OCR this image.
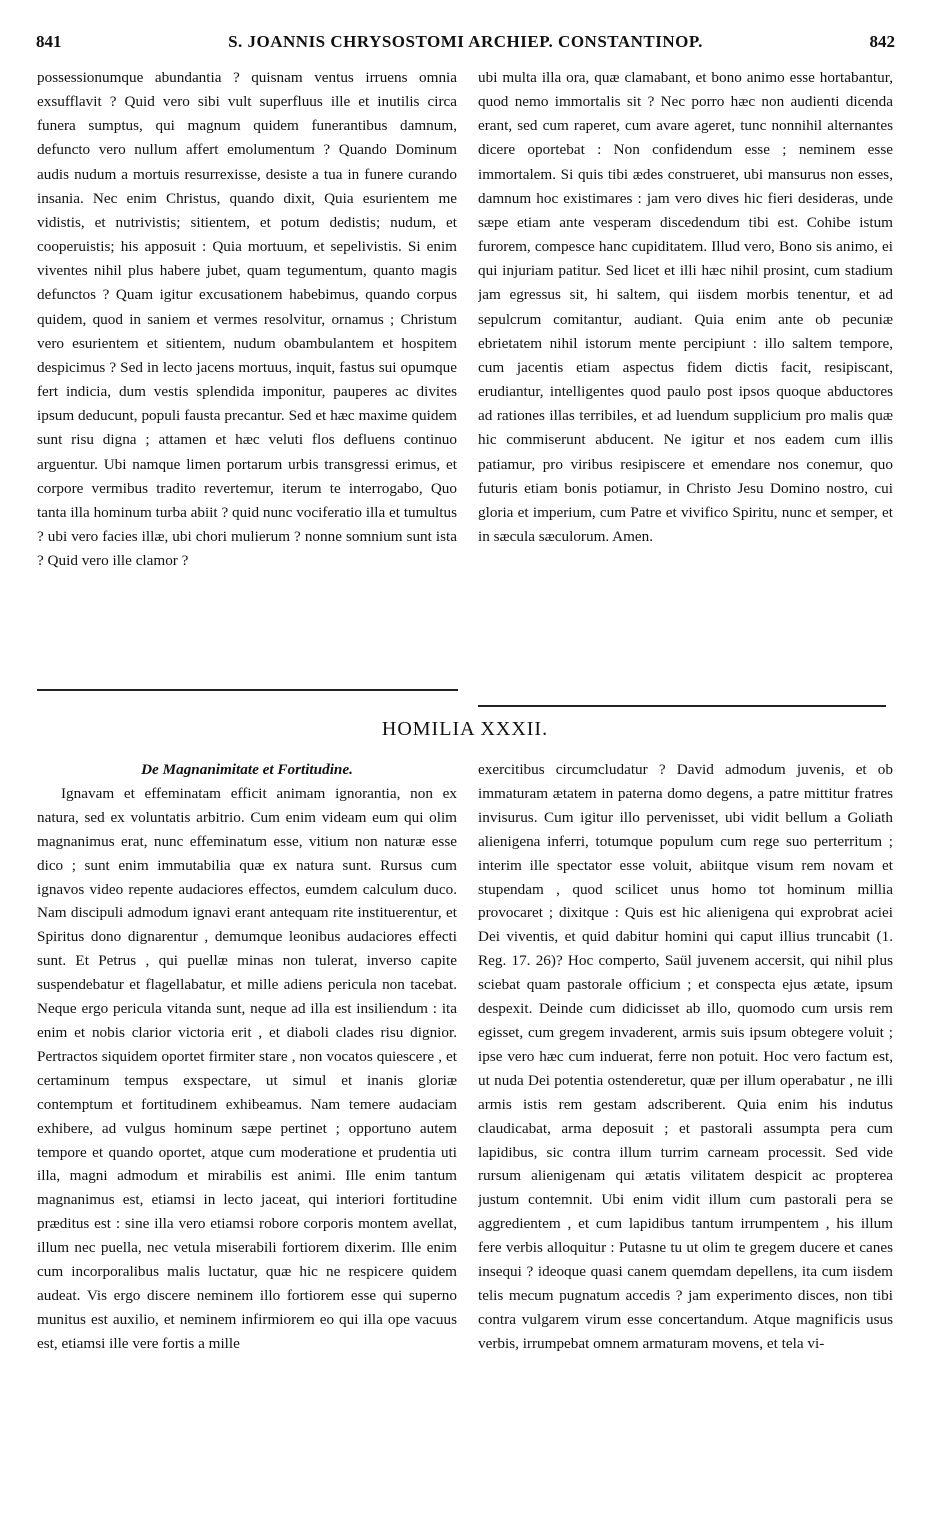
841	S. JOANNIS CHRYSOSTOMI ARCHIEP. CONSTANTINOP.	842

possessionumque abundantia ? quisnam ventus irruens omnia exsufflavit ? Quid vero sibi vult superfluus ille et inutilis circa funera sumptus, qui magnum quidem funerantibus damnum, defuncto vero nullum affert emolumentum ? Quando Dominum audis nudum a mortuis resurrexisse, desiste a tua in funere curando insania. Nec enim Christus, quando dixit, Quia esurientem me vidistis, et nutrivistis; sitientem, et potum dedistis; nudum, et cooperuistis; his apposuit : Quia mortuum, et sepelivistis. Si enim viventes nihil plus habere jubet, quam tegumentum, quanto magis defunctos ? Quam igitur excusationem habebimus, quando corpus quidem, quod in saniem et vermes resolvitur, ornamus ; Christum vero esurientem et sitientem, nudum obambulantem et hospitem despicimus ? Sed in lecto jacens mortuus, inquit, fastus sui opumque fert indicia, dum vestis splendida imponitur, pauperes ac divites ipsum deducunt, populi fausta precantur. Sed et hæc maxime quidem sunt risu digna ; attamen et hæc veluti flos defluens continuo arguentur. Ubi namque limen portarum urbis transgressi erimus, et corpore vermibus tradito revertemur, iterum te interrogabo, Quo tanta illa hominum turba abiit ? quid nunc vociferatio illa et tumultus ? ubi vero facies illæ, ubi chori mulierum ? nonne somnium sunt ista ? Quid vero ille clamor ?

ubi multa illa ora, quæ clamabant, et bono animo esse hortabantur, quod nemo immortalis sit ? Nec porro hæc non audienti dicenda erant, sed cum raperet, cum avare ageret, tunc nonnihil alternantes dicere oportebat : Non confidendum esse ; neminem esse immortalem. Si quis tibi ædes construeret, ubi mansurus non esses, damnum hoc existimares : jam vero dives hic fieri desideras, unde sæpe etiam ante vesperam discedendum tibi est. Cohibe istum furorem, compesce hanc cupiditatem. Illud vero, Bono sis animo, ei qui injuriam patitur. Sed licet et illi hæc nihil prosint, cum stadium jam egressus sit, hi saltem, qui iisdem morbis tenentur, et ad sepulcrum comitantur, audiant. Quia enim ante ob pecuniæ ebrietatem nihil istorum mente percipiunt : illo saltem tempore, cum jacentis etiam aspectus fidem dictis facit, resipiscant, erudiantur, intelligentes quod paulo post ipsos quoque abductores ad rationes illas terribiles, et ad luendum supplicium pro malis quæ hic commiserunt abducent. Ne igitur et nos eadem cum illis patiamur, pro viribus resipiscere et emendare nos conemur, quo futuris etiam bonis potiamur, in Christo Jesu Domino nostro, cui gloria et imperium, cum Patre et vivifico Spiritu, nunc et semper, et in sæcula sæculorum. Amen.

HOMILIA XXXII.

De Magnanimitate et Fortitudine.

Ignavam et effeminatam efficit animam ignorantia, non ex natura, sed ex voluntatis arbitrio. Cum enim videam eum qui olim magnanimus erat, nunc effeminatum esse, vitium non naturæ esse dico ; sunt enim immutabilia quæ ex natura sunt. Rursus cum ignavos video repente audaciores effectos, eumdem calculum duco. Nam discipuli admodum ignavi erant antequam rite instituerentur, et Spiritus dono dignarentur , demumque leonibus audaciores effecti sunt. Et Petrus , qui puellæ minas non tulerat, inverso capite suspendebatur et flagellabatur, et mille adiens pericula non tacebat. Neque ergo pericula vitanda sunt, neque ad illa est insiliendum : ita enim et nobis clarior victoria erit , et diaboli clades risu dignior. Pertractos siquidem oportet firmiter stare , non vocatos quiescere , et certaminum tempus exspectare, ut simul et inanis gloriæ contemptum et fortitudinem exhibeamus. Nam temere audaciam exhibere, ad vulgus hominum sæpe pertinet ; opportuno autem tempore et quando oportet, atque cum moderatione et prudentia uti illa, magni admodum et mirabilis est animi. Ille enim tantum magnanimus est, etiamsi in lecto jaceat, qui interiori fortitudine præditus est : sine illa vero etiamsi robore corporis montem avellat, illum nec puella, nec vetula miserabili fortiorem dixerim. Ille enim cum incorporalibus malis luctatur, quæ hic ne respicere quidem audeat. Vis ergo discere neminem illo fortiorem esse qui superno munitus est auxilio, et neminem infirmiorem eo qui illa ope vacuus est, etiamsi ille vere fortis a mille

exercitibus circumcludatur ? David admodum juvenis, et ob immaturam ætatem in paterna domo degens, a patre mittitur fratres invisurus. Cum igitur illo pervenisset, ubi vidit bellum a Goliath alienigena inferri, totumque populum cum rege suo perterritum ; interim ille spectator esse voluit, abiitque visum rem novam et stupendam , quod scilicet unus homo tot hominum millia provocaret ; dixitque : Quis est hic alienigena qui exprobrat aciei Dei viventis, et quid dabitur homini qui caput illius truncabit (1. Reg. 17. 26)? Hoc comperto, Saül juvenem accersit, qui nihil plus sciebat quam pastorale officium ; et conspecta ejus ætate, ipsum despexit. Deinde cum didicisset ab illo, quomodo cum ursis rem egisset, cum gregem invaderent, armis suis ipsum obtegere voluit ; ipse vero hæc cum induerat, ferre non potuit. Hoc vero factum est, ut nuda Dei potentia ostenderetur, quæ per illum operabatur , ne illi armis istis rem gestam adscriberent. Quia enim his indutus claudicabat, arma deposuit ; et pastorali assumpta pera cum lapidibus, sic contra illum turrim carneam processit. Sed vide rursum alienigenam qui ætatis vilitatem despicit ac propterea justum contemnit. Ubi enim vidit illum cum pastorali pera se aggredientem , et cum lapidibus tantum irrumpentem , his illum fere verbis alloquitur : Putasne tu ut olim te gregem ducere et canes insequi ? ideoque quasi canem quemdam depellens, ita cum iisdem telis mecum pugnatum accedis ? jam experimento disces, non tibi contra vulgarem virum esse concertandum. Atque magnificis usus verbis, irrumpebat omnem armaturam movens, et tela vi-
